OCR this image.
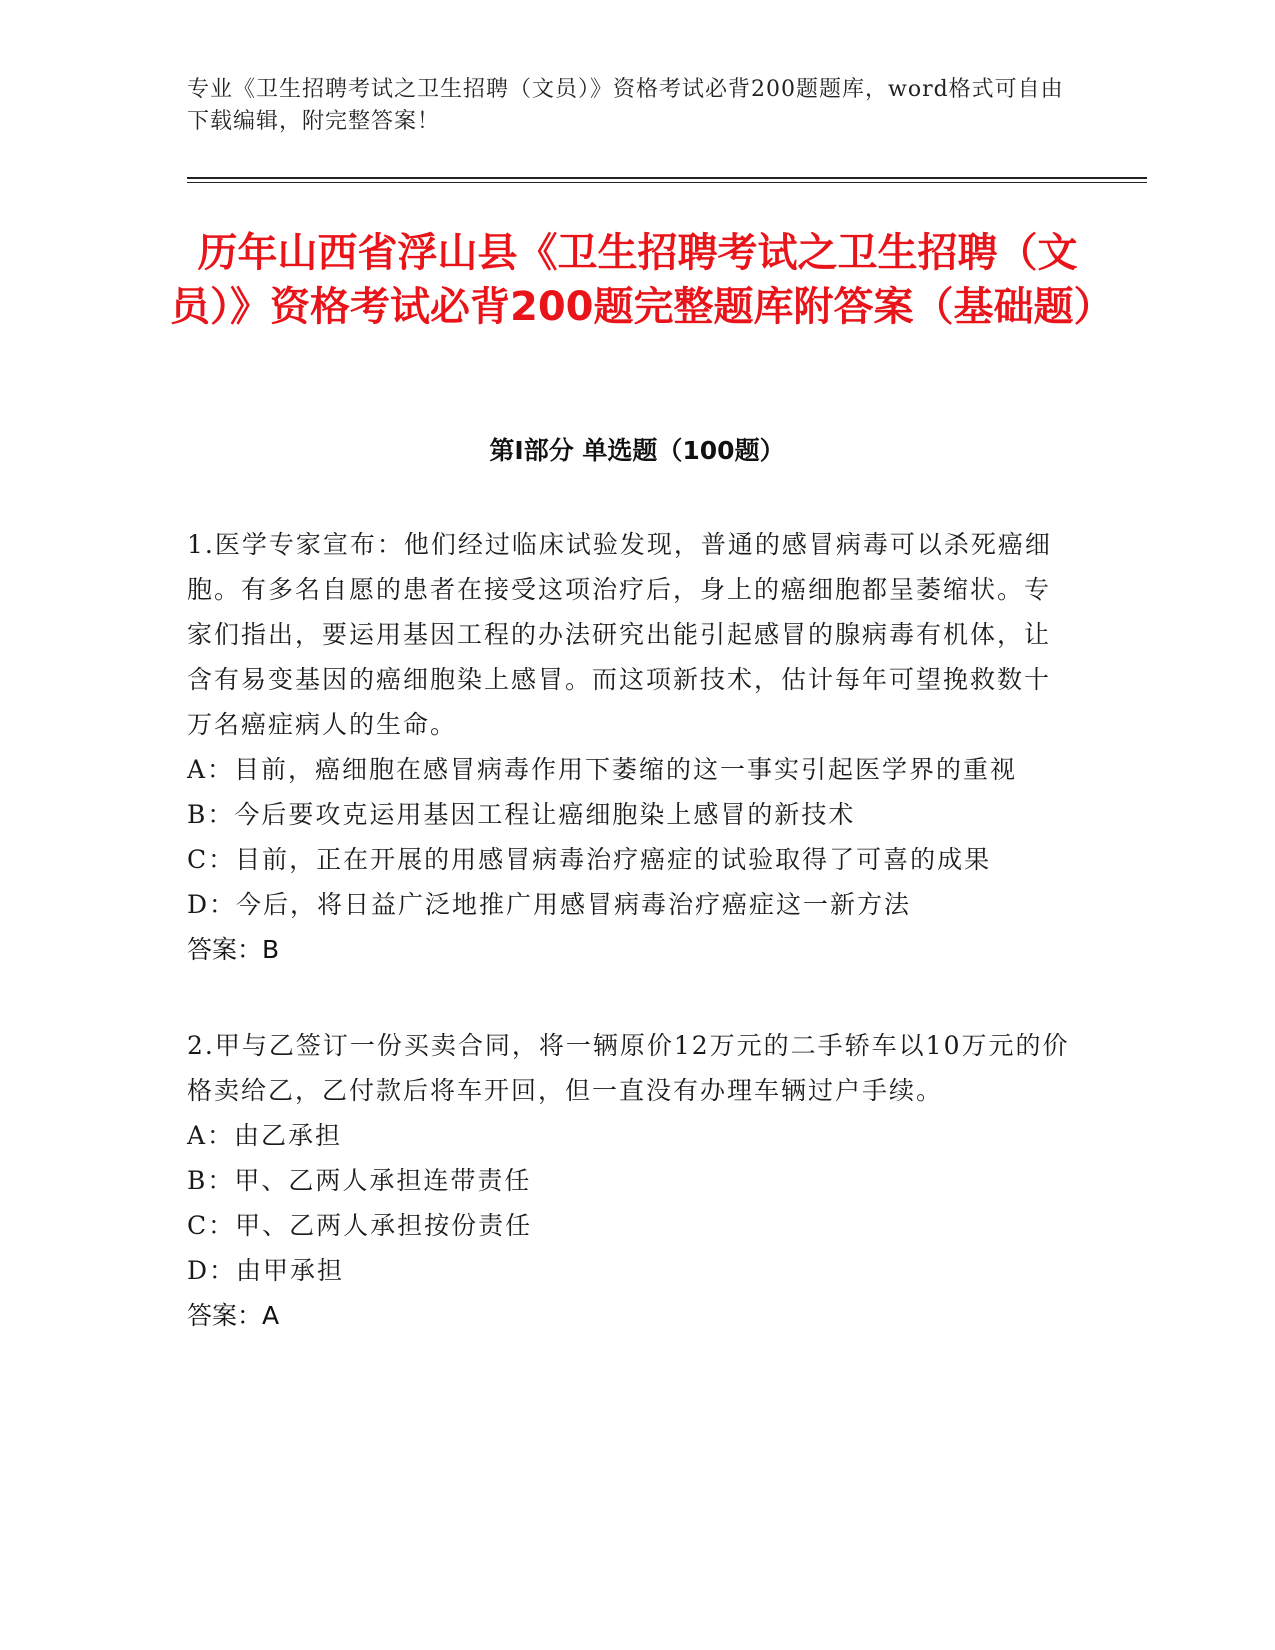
专业《卫生招聘考试之卫生招聘（文员）》资格考试必背200题题库，word格式可自由下载编辑，附完整答案！
历年山西省浮山县《卫生招聘考试之卫生招聘（文员）》资格考试必背200题完整题库附答案（基础题）
第Ⅰ部分 单选题（100题）
1.医学专家宣布：他们经过临床试验发现，普通的感冒病毒可以杀死癌细胞。有多名自愿的患者在接受这项治疗后，身上的癌细胞都呈萎缩状。专家们指出，要运用基因工程的办法研究出能引起感冒的腺病毒有机体，让含有易变基因的癌细胞染上感冒。而这项新技术，估计每年可望挽救数十万名癌症病人的生命。
A：目前，癌细胞在感冒病毒作用下萎缩的这一事实引起医学界的重视
B：今后要攻克运用基因工程让癌细胞染上感冒的新技术
C：目前，正在开展的用感冒病毒治疗癌症的试验取得了可喜的成果
D：今后，将日益广泛地推广用感冒病毒治疗癌症这一新方法
答案：B
2.甲与乙签订一份买卖合同，将一辆原价12万元的二手轿车以10万元的价格卖给乙，乙付款后将车开回，但一直没有办理车辆过户手续。
A：由乙承担
B：甲、乙两人承担连带责任
C：甲、乙两人承担按份责任
D：由甲承担
答案：A
